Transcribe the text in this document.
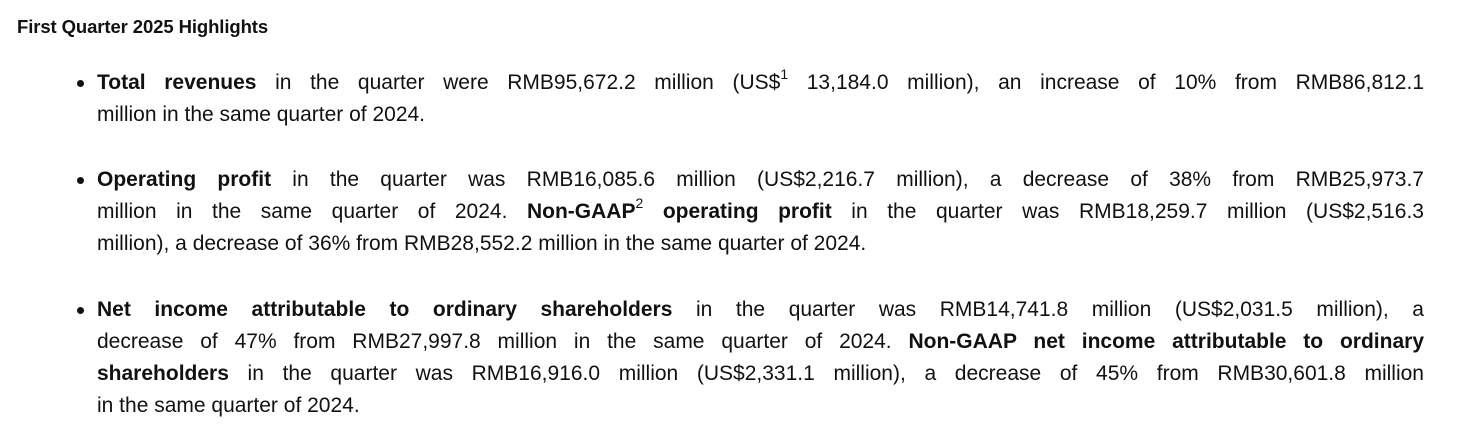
First Quarter 2025 Highlights
Total revenues in the quarter were RMB95,672.2 million (US\$$^1$ 13,184.0 million), an increase of 10% from RMB86,812.1
million in the same quarter of 2024.
Operating profit in the quarter was RMB16,085.6 million (US$2,216.7 million), a decrease of 38% from RMB25,973.7
million in the same quarter of 2024. Non-GAAP$^2$ operating profit in the quarter was RMB18,259.7 million (US$2,516.3
million), a decrease of 36% from RMB28,552.2 million in the same quarter of 2024.
Net income attributable to ordinary shareholders in the quarter was RMB14,741.8 million (US$2,031.5 million), a
decrease of 47% from RMB27,997.8 million in the same quarter of 2024. Non-GAAP net income attributable to ordinary
shareholders in the quarter was RMB16,916.0 million (US$2,331.1 million), a decrease of 45% from RMB30,601.8 million
in the same quarter of 2024.
